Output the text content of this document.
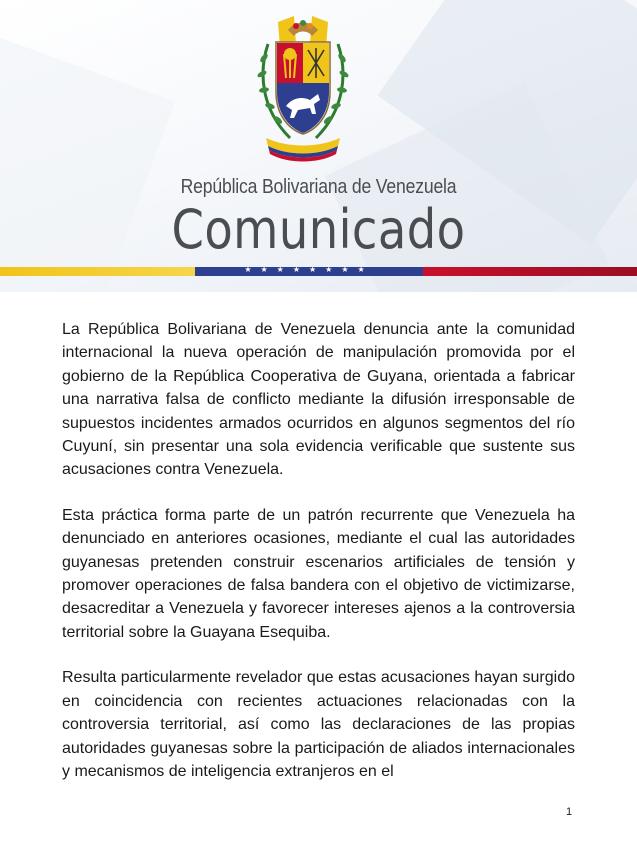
República Bolivariana de Venezuela
Comunicado
★★★★★★★★

La República Bolivariana de Venezuela denuncia ante la comunidad internacional la nueva operación de manipulación promovida por el gobierno de la República Cooperativa de Guyana, orientada a fabricar una narrativa falsa de conflicto mediante la difusión irresponsable de supuestos incidentes armados ocurridos en algunos segmentos del río Cuyuní, sin presentar una sola evidencia verificable que sustente sus acusaciones contra Venezuela.

Esta práctica forma parte de un patrón recurrente que Venezuela ha denunciado en anteriores ocasiones, mediante el cual las autoridades guyanesas pretenden construir escenarios artificiales de tensión y promover operaciones de falsa bandera con el objetivo de victimizarse, desacreditar a Venezuela y favorecer intereses ajenos a la controversia territorial sobre la Guayana Esequiba.

Resulta particularmente revelador que estas acusaciones hayan surgido en coincidencia con recientes actuaciones relacionadas con la controversia territorial, así como las declaraciones de las propias autoridades guyanesas sobre la participación de aliados internacionales y mecanismos de inteligencia extranjeros en el

1
